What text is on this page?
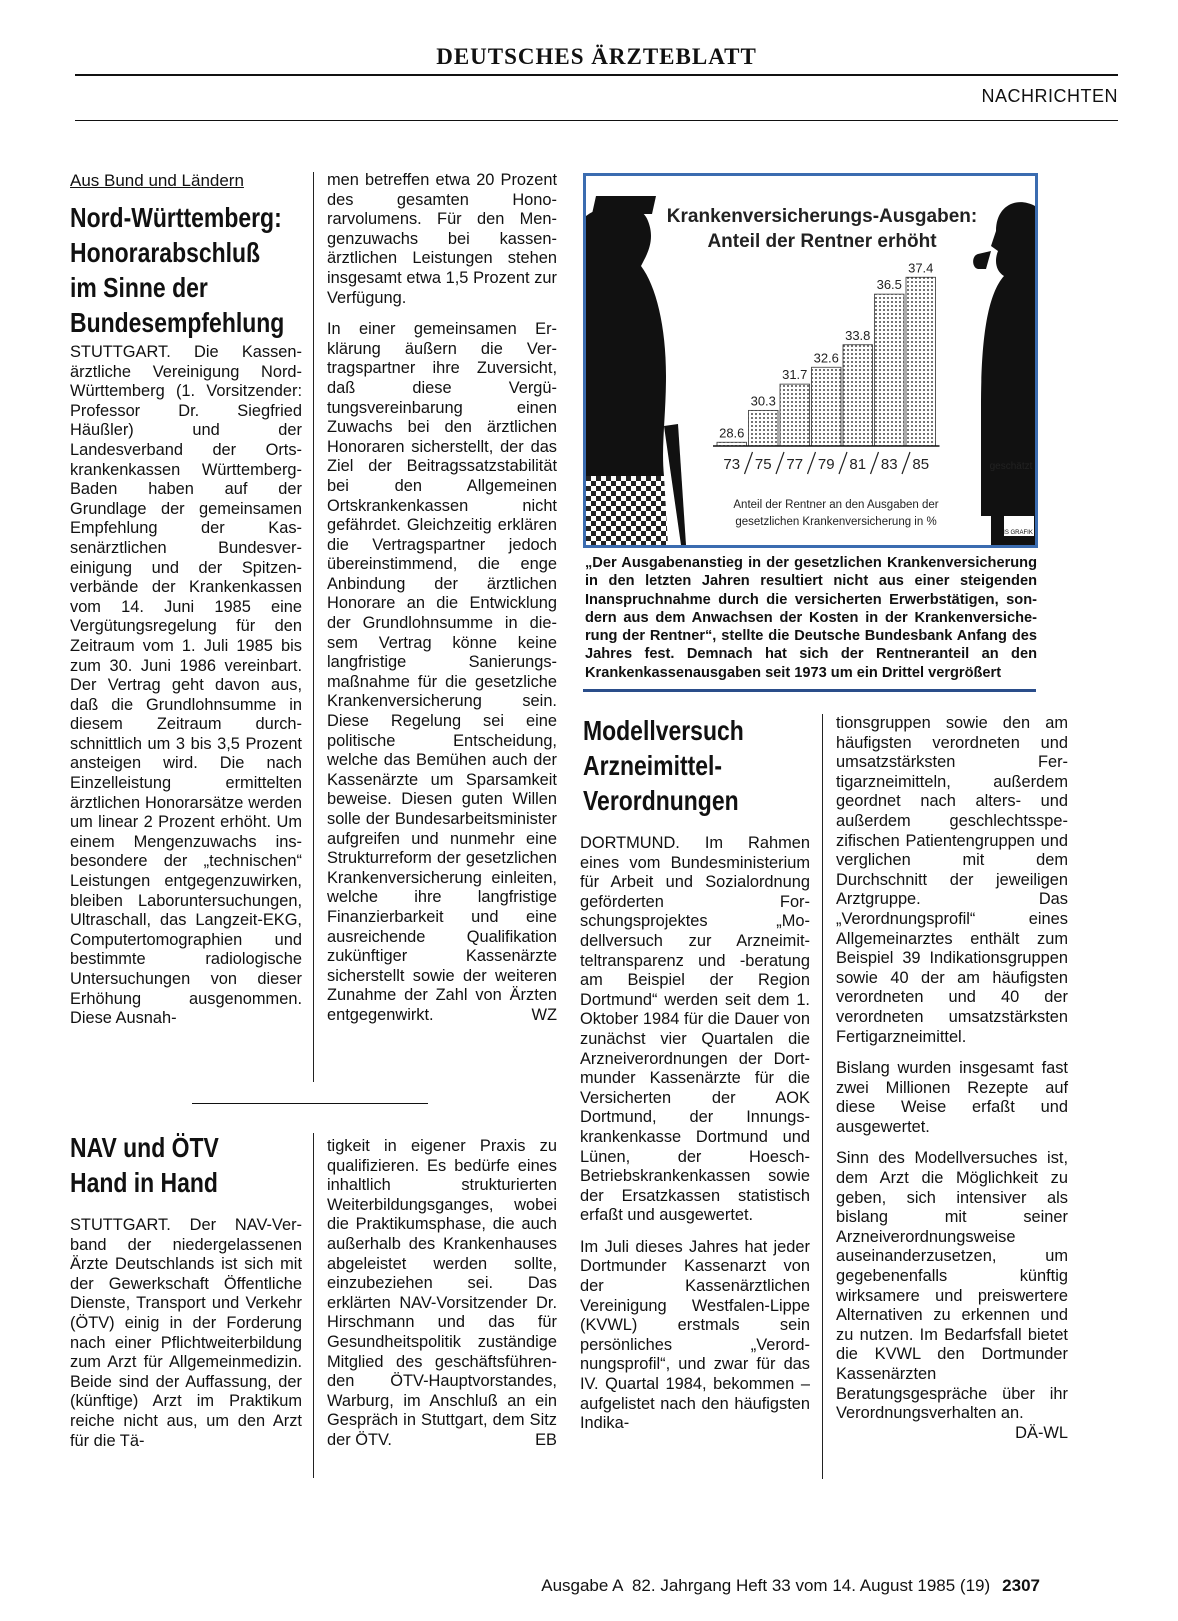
DEUTSCHES ÄRZTEBLATT
NACHRICHTEN
Aus Bund und Ländern
Nord-Württemberg:
Honorarabschluß
im Sinne der
Bundesempfehlung

STUTTGART. Die Kassenärztliche Vereinigung Nord-Württemberg (1. Vorsitzender: Professor Dr. Siegfried Häußler) und der Landesverband der Ortskrankenkassen Württemberg-Baden haben auf der Grundlage der gemeinsamen Empfehlung der Kassenärztlichen Bundesvereinigung und der Spitzenverbände der Krankenkassen vom 14. Juni 1985 eine Vergütungsregelung für den Zeitraum vom 1. Juli 1985 bis zum 30. Juni 1986 vereinbart. Der Vertrag geht davon aus, daß die Grundlohnsumme in diesem Zeitraum durchschnittlich um 3 bis 3,5 Prozent ansteigen wird. Die nach Einzelleistung ermittelten ärztlichen Honorarsätze werden um linear 2 Prozent erhöht. Um einem Mengenzuwachs insbesondere der „technischen“ Leistungen entgegenzuwirken, bleiben Laboruntersuchungen, Ultraschall, das Langzeit-EKG, Computertomographien und bestimmte radiologische Untersuchungen von dieser Erhöhung ausgenommen. Diese Ausnah-

men betreffen etwa 20 Prozent des gesamten Honorarvolumens. Für den Mengenzuwachs bei kassenärztlichen Leistungen stehen insgesamt etwa 1,5 Prozent zur Verfügung.

In einer gemeinsamen Erklärung äußern die Vertragspartner ihre Zuversicht, daß diese Vergütungsvereinbarung einen Zuwachs bei den ärztlichen Honoraren sicherstellt, der das Ziel der Beitragssatzstabilität bei den Allgemeinen Ortskrankenkassen nicht gefährdet. Gleichzeitig erklären die Vertragspartner jedoch übereinstimmend, die enge Anbindung der ärztlichen Honorare an die Entwicklung der Grundlohnsumme in diesem Vertrag könne keine langfristige Sanierungsmaßnahme für die gesetzliche Krankenversicherung sein. Diese Regelung sei eine politische Entscheidung, welche das Bemühen auch der Kassenärzte um Sparsamkeit beweise. Diesen guten Willen solle der Bundesarbeitsminister aufgreifen und nunmehr eine Strukturreform der gesetzlichen Krankenversicherung einleiten, welche ihre langfristige Finanzierbarkeit und eine ausreichende Qualifikation zukünftiger Kassenärzte sicherstellt sowie der weiteren Zunahme der Zahl von Ärzten entgegenwirkt.	WZ

NAV und ÖTV
Hand in Hand

STUTTGART. Der NAV-Verband der niedergelassenen Ärzte Deutschlands ist sich mit der Gewerkschaft Öffentliche Dienste, Transport und Verkehr (ÖTV) einig in der Forderung nach einer Pflichtweiterbildung zum Arzt für Allgemeinmedizin. Beide sind der Auffassung, der (künftige) Arzt im Praktikum reiche nicht aus, um den Arzt für die Tä-

tigkeit in eigener Praxis zu qualifizieren. Es bedürfe eines inhaltlich strukturierten Weiterbildungsganges, wobei die Praktikumsphase, die auch außerhalb des Krankenhauses abgeleistet werden sollte, einzubeziehen sei. Das erklärten NAV-Vorsitzender Dr. Hirschmann und das für Gesundheitspolitik zuständige Mitglied des geschäftsführenden ÖTV-Hauptvorstandes, Warburg, im Anschluß an ein Gespräch in Stuttgart, dem Sitz der ÖTV.	EB

Krankenversicherungs-Ausgaben:
Anteil der Rentner erhöht
28.6
30.3
31.7
32.6
33.8
36.5
37.4
73 75 77 79 81 83 85	geschätzt
Anteil der Rentner an den Ausgaben der
gesetzlichen Krankenversicherung in %
IS GRAFIK
„Der Ausgabenanstieg in der gesetzlichen Krankenversicherung in den letzten Jahren resultiert nicht aus einer steigenden Inanspruchnahme durch die versicherten Erwerbstätigen, sondern aus dem Anwachsen der Kosten in der Krankenversicherung der Rentner“, stellte die Deutsche Bundesbank Anfang des Jahres fest. Demnach hat sich der Rentneranteil an den Krankenkassenausgaben seit 1973 um ein Drittel vergrößert
Modellversuch
Arzneimittel-
Verordnungen

DORTMUND. Im Rahmen eines vom Bundesministerium für Arbeit und Sozialordnung geförderten Forschungsprojektes „Modellversuch zur Arzneimitteltransparenz und -beratung am Beispiel der Region Dortmund“ werden seit dem 1. Oktober 1984 für die Dauer von zunächst vier Quartalen die Arzneiverordnungen der Dortmunder Kassenärzte für die Versicherten der AOK Dortmund, der Innungskrankenkasse Dortmund und Lünen, der Hoesch-Betriebskrankenkassen sowie der Ersatzkassen statistisch erfaßt und ausgewertet.

Im Juli dieses Jahres hat jeder Dortmunder Kassenarzt von der Kassenärztlichen Vereinigung Westfalen-Lippe (KVWL) erstmals sein persönliches „Verordnungsprofil“, und zwar für das IV. Quartal 1984, bekommen – aufgelistet nach den häufigsten Indika-

tionsgruppen sowie den am häufigsten verordneten und umsatzstärksten Fertigarzneimitteln, außerdem geordnet nach alters- und außerdem geschlechtsspezifischen Patientengruppen und verglichen mit dem Durchschnitt der jeweiligen Arztgruppe. Das „Verordnungsprofil“ eines Allgemeinarztes enthält zum Beispiel 39 Indikationsgruppen sowie 40 der am häufigsten verordneten und 40 der verordneten umsatzstärksten Fertigarzneimittel.

Bislang wurden insgesamt fast zwei Millionen Rezepte auf diese Weise erfaßt und ausgewertet.

Sinn des Modellversuches ist, dem Arzt die Möglichkeit zu geben, sich intensiver als bislang mit seiner Arzneiverordnungsweise auseinanderzusetzen, um gegebenenfalls künftig wirksamere und preiswertere Alternativen zu erkennen und zu nutzen. Im Bedarfsfall bietet die KVWL den Dortmunder Kassenärzten Beratungsgespräche über ihr Verordnungsverhalten an.
DÄ-WL

Ausgabe A  82. Jahrgang Heft 33 vom 14. August 1985 (19) 2307
